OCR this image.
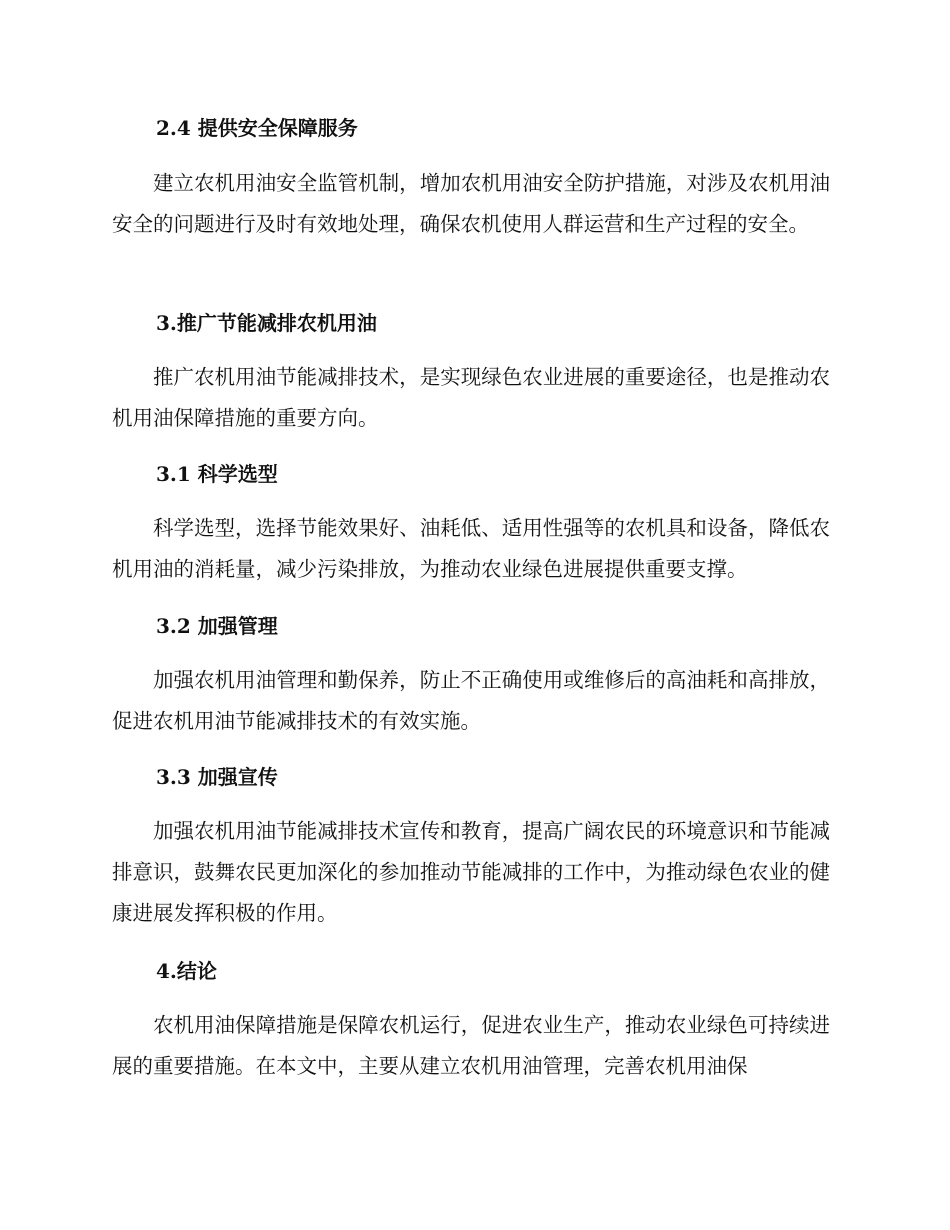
2.4 提供安全保障服务

建立农机用油安全监管机制，增加农机用油安全防护措施，对涉及农机用油安全的问题进行及时有效地处理，确保农机使用人群运营和生产过程的安全。

3.推广节能减排农机用油

推广农机用油节能减排技术，是实现绿色农业进展的重要途径，也是推动农机用油保障措施的重要方向。

3.1 科学选型

科学选型，选择节能效果好、油耗低、适用性强等的农机具和设备，降低农机用油的消耗量，减少污染排放，为推动农业绿色进展提供重要支撑。

3.2 加强管理

加强农机用油管理和勤保养，防止不正确使用或维修后的高油耗和高排放，促进农机用油节能减排技术的有效实施。

3.3 加强宣传

加强农机用油节能减排技术宣传和教育，提高广阔农民的环境意识和节能减排意识，鼓舞农民更加深化的参加推动节能减排的工作中，为推动绿色农业的健康进展发挥积极的作用。

4.结论

农机用油保障措施是保障农机运行，促进农业生产，推动农业绿色可持续进展的重要措施。在本文中，主要从建立农机用油管理，完善农机用油保
